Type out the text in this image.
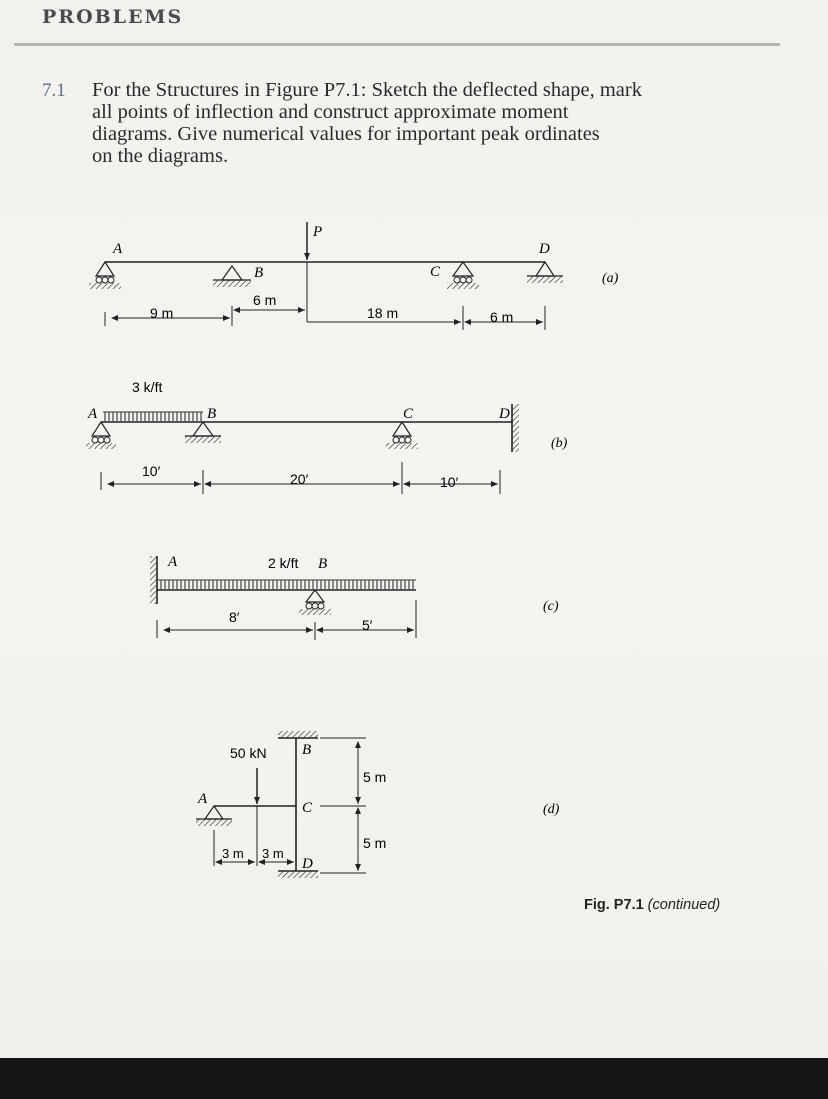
PROBLEMS
7.1 For the Structures in Figure P7.1: Sketch the deflected shape, mark
all points of inflection and construct approximate moment
diagrams. Give numerical values for important peak ordinates
on the diagrams.
P
A
B	C
D
(a)
9 m
6 m
18 m	6 m
3 k/ft
A	B	C	D
(b)
10′	20′	10′
A	2 k/ft B
(c)
8′	5′
50 kN
A
B
C
D
(d)
5 m
5 m
3 m 3 m
Fig. P7.1 (continued)
